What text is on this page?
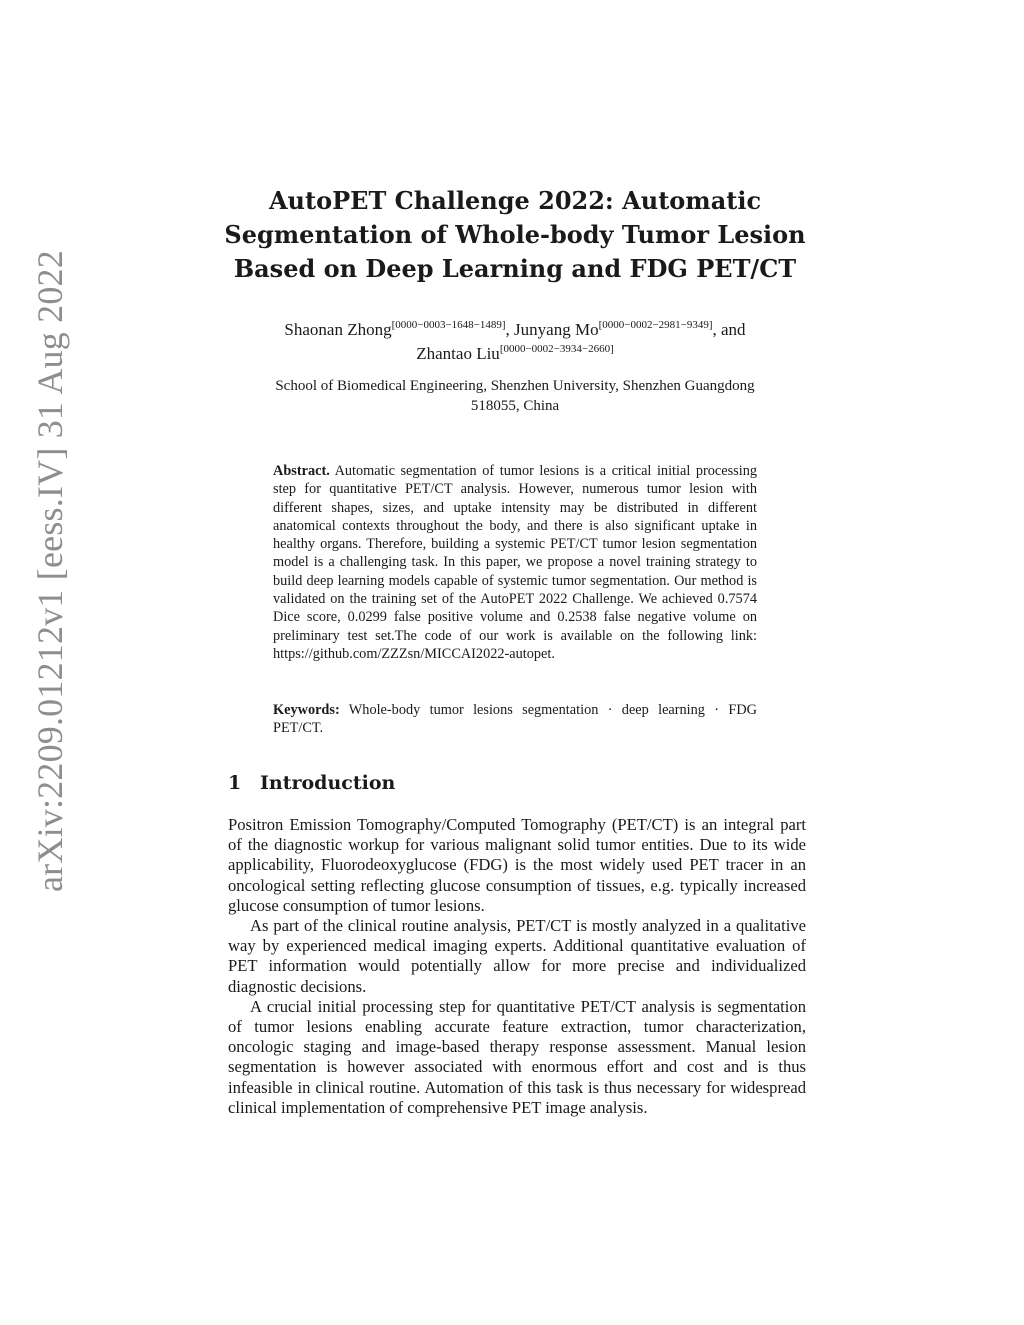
arXiv:2209.01212v1 [eess.IV] 31 Aug 2022
AutoPET Challenge 2022: Automatic
Segmentation of Whole-body Tumor Lesion
Based on Deep Learning and FDG PET/CT
Shaonan Zhong[0000−0003−1648−1489], Junyang Mo[0000−0002−2981−9349], and
Zhantao Liu[0000−0002−3934−2660]
School of Biomedical Engineering, Shenzhen University, Shenzhen Guangdong
518055, China
Abstract. Automatic segmentation of tumor lesions is a critical initial processing step for quantitative PET/CT analysis. However, numerous tumor lesion with different shapes, sizes, and uptake intensity may be distributed in different anatomical contexts throughout the body, and there is also significant uptake in healthy organs. Therefore, building a systemic PET/CT tumor lesion segmentation model is a challenging task. In this paper, we propose a novel training strategy to build deep learning models capable of systemic tumor segmentation. Our method is validated on the training set of the AutoPET 2022 Challenge. We achieved 0.7574 Dice score, 0.0299 false positive volume and 0.2538 false negative volume on preliminary test set.The code of our work is available on the following link: https://github.com/ZZZsn/MICCAI2022-autopet.
Keywords: Whole-body tumor lesions segmentation · deep learning · FDG PET/CT.
1 Introduction

Positron Emission Tomography/Computed Tomography (PET/CT) is an integral part of the diagnostic workup for various malignant solid tumor entities. Due to its wide applicability, Fluorodeoxyglucose (FDG) is the most widely used PET tracer in an oncological setting reflecting glucose consumption of tissues, e.g. typically increased glucose consumption of tumor lesions.

As part of the clinical routine analysis, PET/CT is mostly analyzed in a qualitative way by experienced medical imaging experts. Additional quantitative evaluation of PET information would potentially allow for more precise and individualized diagnostic decisions.

A crucial initial processing step for quantitative PET/CT analysis is segmentation of tumor lesions enabling accurate feature extraction, tumor characterization, oncologic staging and image-based therapy response assessment. Manual lesion segmentation is however associated with enormous effort and cost and is thus infeasible in clinical routine. Automation of this task is thus necessary for widespread clinical implementation of comprehensive PET image analysis.
